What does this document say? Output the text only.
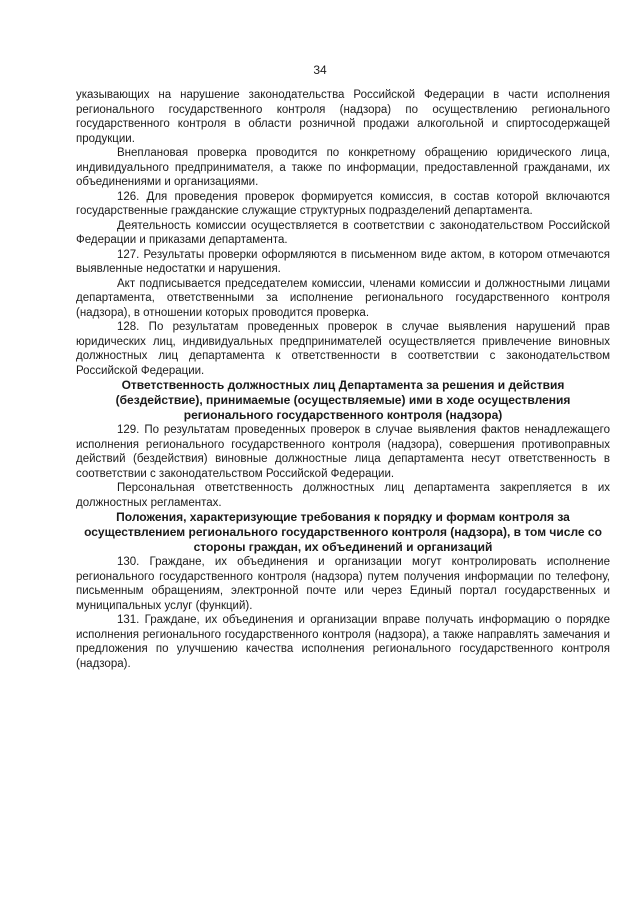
34

указывающих на нарушение законодательства Российской Федерации в части исполнения регионального государственного контроля (надзора) по осуществлению регионального государственного контроля в области розничной продажи алкогольной и спиртосодержащей продукции.

Внеплановая проверка проводится по конкретному обращению юридического лица, индивидуального предпринимателя, а также по информации, предоставленной гражданами, их объединениями и организациями.

126. Для проведения проверок формируется комиссия, в состав которой включаются государственные гражданские служащие структурных подразделений департамента.

Деятельность комиссии осуществляется в соответствии с законодательством Российской Федерации и приказами департамента.

127. Результаты проверки оформляются в письменном виде актом, в котором отмечаются выявленные недостатки и нарушения.

Акт подписывается председателем комиссии, членами комиссии и должностными лицами департамента, ответственными за исполнение регионального государственного контроля (надзора), в отношении которых проводится проверка.

128. По результатам проведенных проверок в случае выявления нарушений прав юридических лиц, индивидуальных предпринимателей осуществляется привлечение виновных должностных лиц департамента к ответственности в соответствии с законодательством Российской Федерации.

Ответственность должностных лиц Департамента за решения и действия (бездействие), принимаемые (осуществляемые) ими в ходе осуществления регионального государственного контроля (надзора)

129. По результатам проведенных проверок в случае выявления фактов ненадлежащего исполнения регионального государственного контроля (надзора), совершения противоправных действий (бездействия) виновные должностные лица департамента несут ответственность в соответствии с законодательством Российской Федерации.

Персональная ответственность должностных лиц департамента закрепляется в их должностных регламентах.

Положения, характеризующие требования к порядку и формам контроля за осуществлением регионального государственного контроля (надзора), в том числе со стороны граждан, их объединений и организаций

130. Граждане, их объединения и организации могут контролировать исполнение регионального государственного контроля (надзора) путем получения информации по телефону, письменным обращениям, электронной почте или через Единый портал государственных и муниципальных услуг (функций).

131. Граждане, их объединения и организации вправе получать информацию о порядке исполнения регионального государственного контроля (надзора), а также направлять замечания и предложения по улучшению качества исполнения регионального государственного контроля (надзора).
